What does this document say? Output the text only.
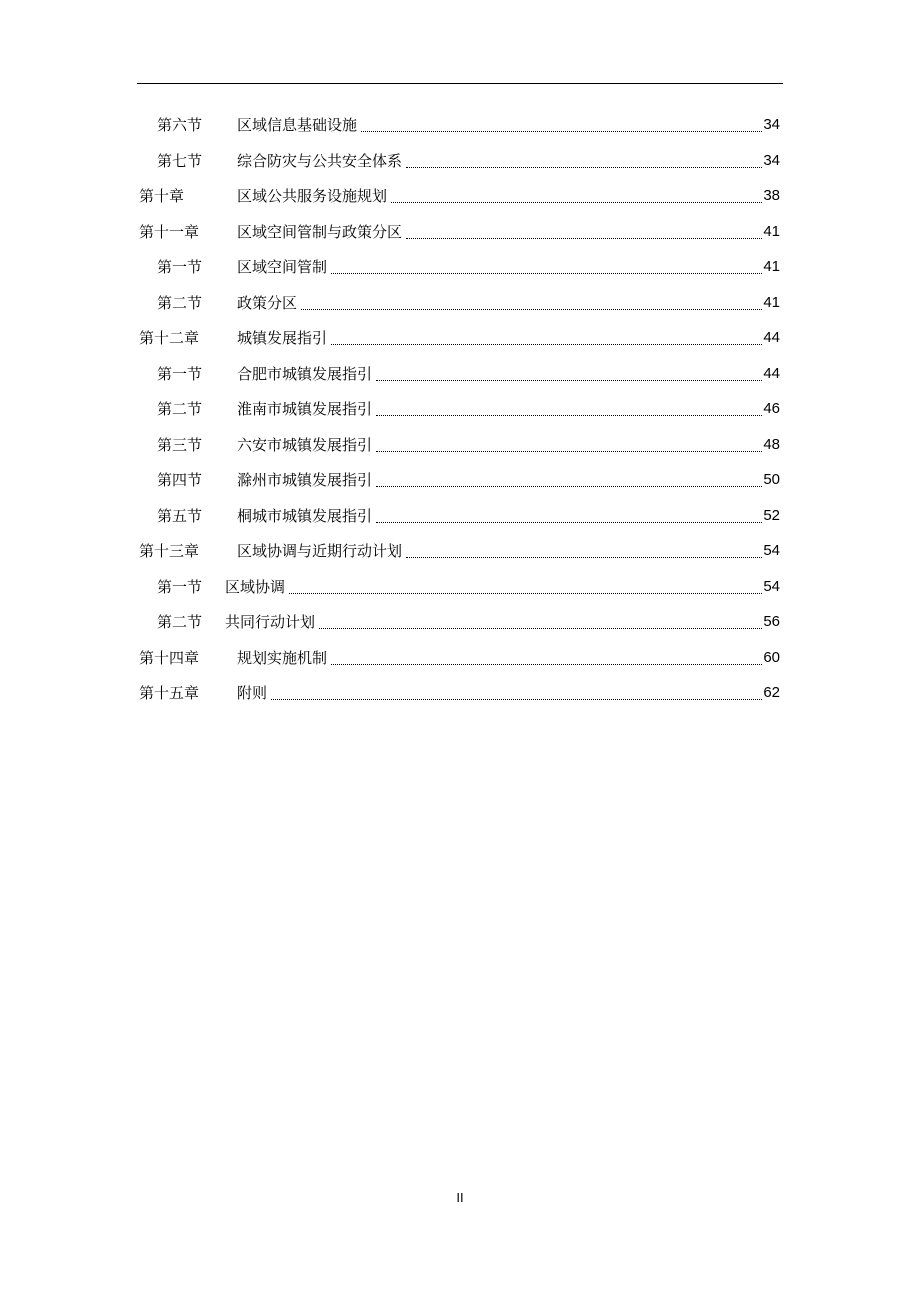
第六节	区域信息基础设施	34
第七节	综合防灾与公共安全体系	34
第十章	区域公共服务设施规划	38
第十一章	区域空间管制与政策分区	41
第一节	区域空间管制	41
第二节	政策分区	41
第十二章	城镇发展指引	44
第一节	合肥市城镇发展指引	44
第二节	淮南市城镇发展指引	46
第三节	六安市城镇发展指引	48
第四节	滁州市城镇发展指引	50
第五节	桐城市城镇发展指引	52
第十三章	区域协调与近期行动计划	54
第一节	区域协调	54
第二节	共同行动计划	56
第十四章	规划实施机制	60
第十五章	附则	62
II
